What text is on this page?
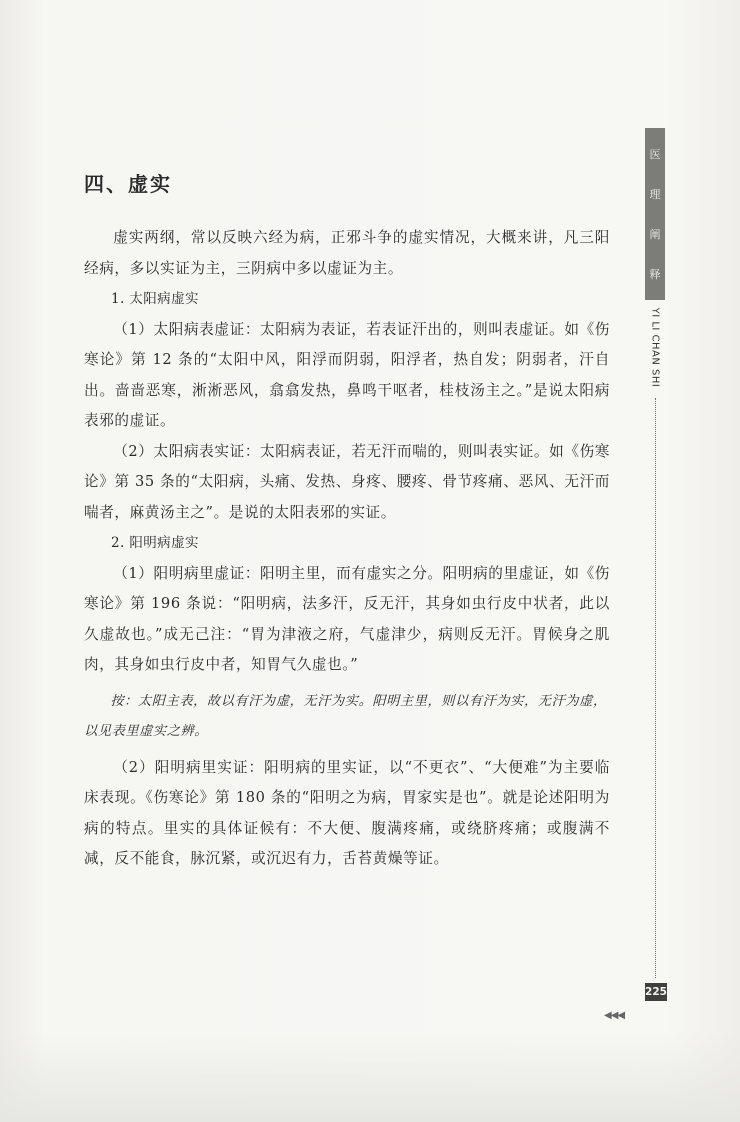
四、虚实

虚实两纲，常以反映六经为病，正邪斗争的虚实情况，大概来讲，凡三阳经病，多以实证为主，三阴病中多以虚证为主。

1. 太阳病虚实

（1）太阳病表虚证：太阳病为表证，若表证汗出的，则叫表虚证。如《伤寒论》第 12 条的“太阳中风，阳浮而阴弱，阳浮者，热自发；阴弱者，汗自出。啬啬恶寒，淅淅恶风，翕翕发热，鼻鸣干呕者，桂枝汤主之。”是说太阳病表邪的虚证。

（2）太阳病表实证：太阳病表证，若无汗而喘的，则叫表实证。如《伤寒论》第 35 条的“太阳病，头痛、发热、身疼、腰疼、骨节疼痛、恶风、无汗而喘者，麻黄汤主之”。是说的太阳表邪的实证。

2. 阳明病虚实

（1）阳明病里虚证：阳明主里，而有虚实之分。阳明病的里虚证，如《伤寒论》第 196 条说：“阳明病，法多汗，反无汗，其身如虫行皮中状者，此以久虚故也。”成无己注：“胃为津液之府，气虚津少，病则反无汗。胃候身之肌肉，其身如虫行皮中者，知胃气久虚也。”

按：太阳主表，故以有汗为虚，无汗为实。阳明主里，则以有汗为实，无汗为虚，以见表里虚实之辨。

（2）阳明病里实证：阳明病的里实证，以“不更衣”、“大便难”为主要临床表现。《伤寒论》第 180 条的“阳明之为病，胃家实是也”。就是论述阳明为病的特点。里实的具体证候有：不大便、腹满疼痛，或绕脐疼痛；或腹满不减，反不能食，脉沉紧，或沉迟有力，舌苔黄燥等证。

医
理
阐
释
YI LI CHAN SHI
225
◀◀◀
